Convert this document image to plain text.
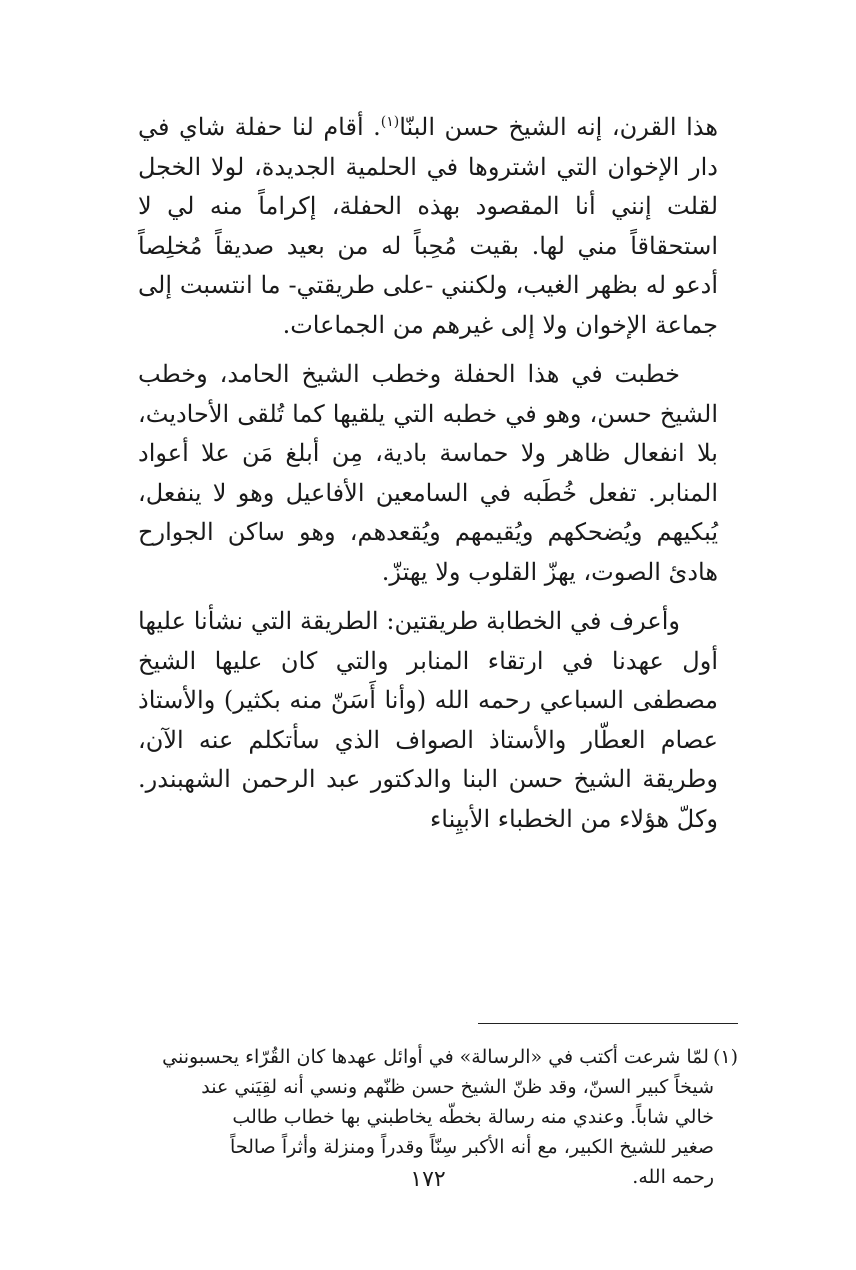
هذا القرن، إنه الشيخ حسن البنّا$^{(١)}$. أقام لنا حفلة شاي في دار الإخوان التي اشتروها في الحلمية الجديدة، لولا الخجل لقلت إنني أنا المقصود بهذه الحفلة، إكراماً منه لي لا استحقاقاً مني لها. بقيت مُحِباً له من بعيد صديقاً مُخلِصاً أدعو له بظهر الغيب، ولكنني -على طريقتي- ما انتسبت إلى جماعة الإخوان ولا إلى غيرهم من الجماعات.

خطبت في هذا الحفلة وخطب الشيخ الحامد، وخطب الشيخ حسن، وهو في خطبه التي يلقيها كما تُلقى الأحاديث، بلا انفعال ظاهر ولا حماسة بادية، مِن أبلغ مَن علا أعواد المنابر. تفعل خُطَبه في السامعين الأفاعيل وهو لا ينفعل، يُبكيهم ويُضحكهم ويُقيمهم ويُقعدهم، وهو ساكن الجوارح هادئ الصوت، يهزّ القلوب ولا يهتزّ.

وأعرف في الخطابة طريقتين: الطريقة التي نشأنا عليها أول عهدنا في ارتقاء المنابر والتي كان عليها الشيخ مصطفى السباعي رحمه الله (وأنا أَسَنّ منه بكثير) والأستاذ عصام العطّار والأستاذ الصواف الذي سأتكلم عنه الآن، وطريقة الشيخ حسن البنا والدكتور عبد الرحمن الشهبندر. وكلّ هؤلاء من الخطباء الأبيِناء

(١)لمّا شرعت أكتب في «الرسالة» في أوائل عهدها كان القُرّاء يحسبونني
شيخاً كبير السنّ، وقد ظنّ الشيخ حسن ظنّهم ونسي أنه لقِيَني عند
خالي شاباً. وعندي منه رسالة بخطّه يخاطبني بها خطاب طالب
صغير للشيخ الكبير، مع أنه الأكبر سِنّاً وقدراً ومنزلة وأثراً صالحاً
رحمه الله.

١٧٢
